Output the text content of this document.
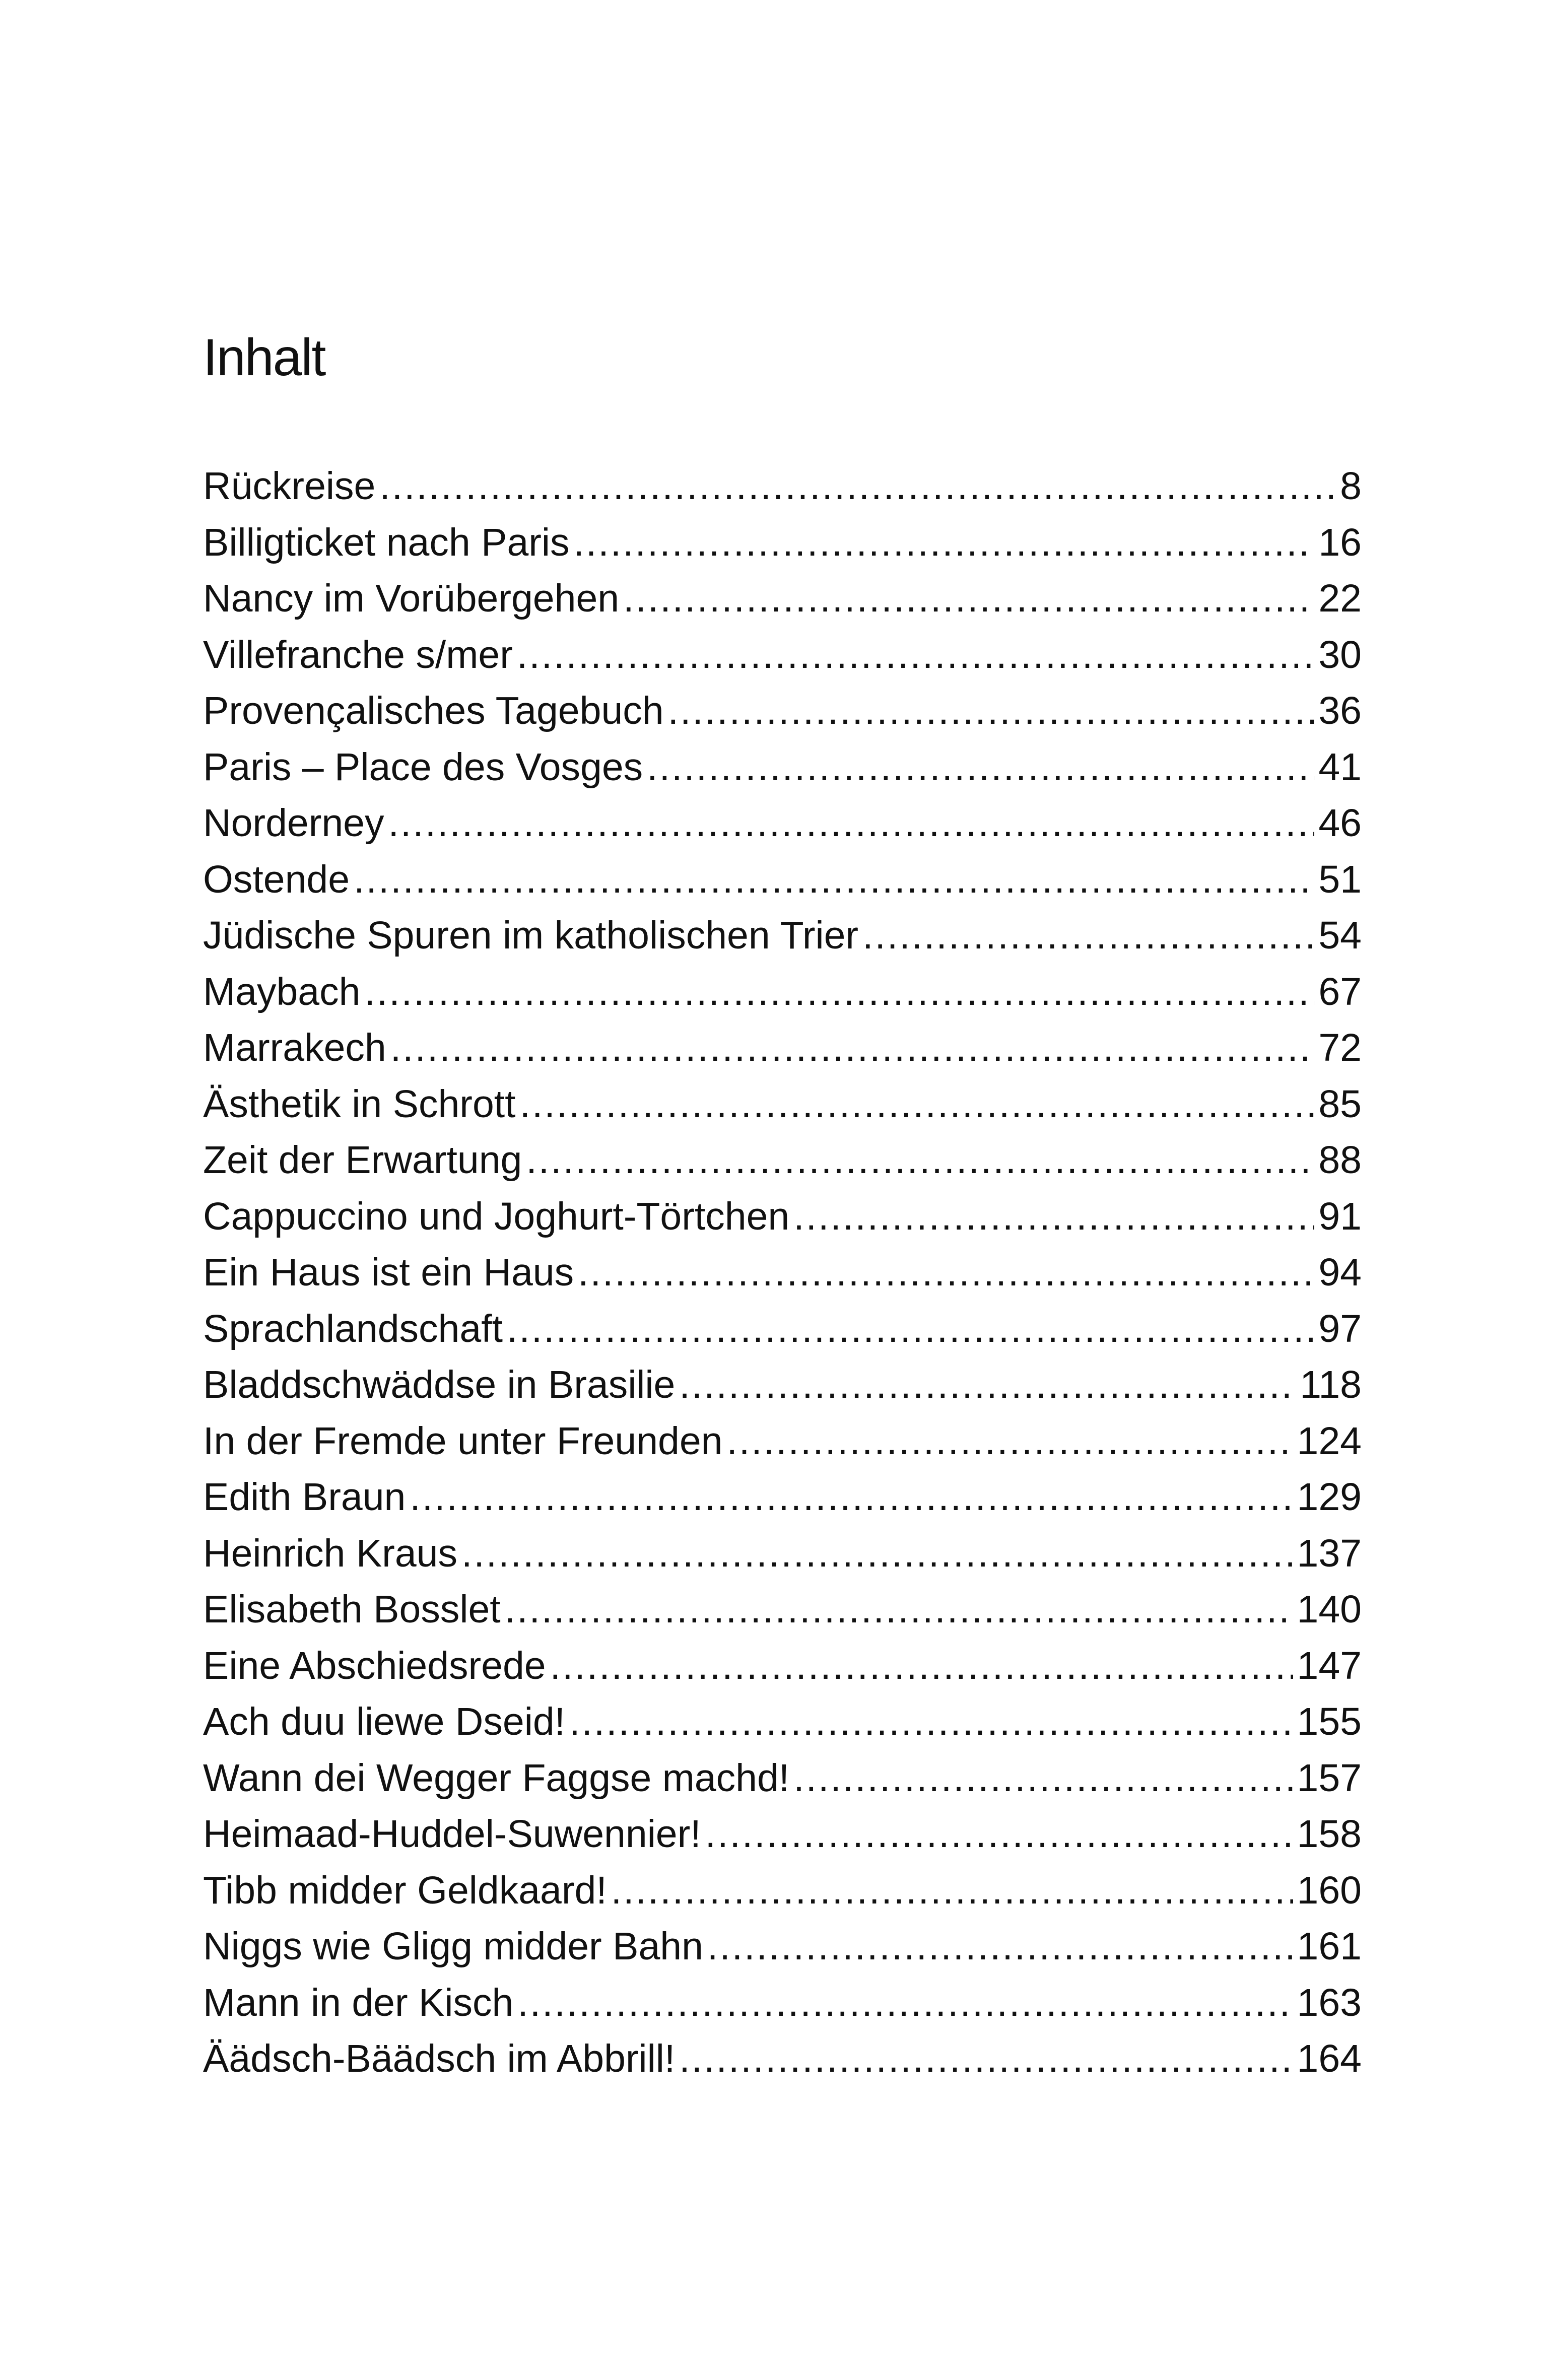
Inhalt
Rückreise .....	8
Billigticket nach Paris .....	16
Nancy im Vorübergehen .....	22
Villefranche s/mer .....	30
Provençalisches Tagebuch .....	36
Paris – Place des Vosges .....	41
Norderney .....	46
Ostende .....	51
Jüdische Spuren im katholischen Trier .....	54
Maybach .....	67
Marrakech .....	72
Ästhetik in Schrott .....	85
Zeit der Erwartung .....	88
Cappuccino und Joghurt-Törtchen .....	91
Ein Haus ist ein Haus .....	94
Sprachlandschaft .....	97
Bladdschwäddse in Brasilie .....	118
In der Fremde unter Freunden .....	124
Edith Braun .....	129
Heinrich Kraus .....	137
Elisabeth Bosslet .....	140
Eine Abschiedsrede .....	147
Ach duu liewe Dseid! .....	155
Wann dei Wegger Faggse machd! .....	157
Heimaad-Huddel-Suwennier! .....	158
Tibb midder Geldkaard! .....	160
Niggs wie Gligg midder Bahn .....	161
Mann in der Kisch .....	163
Äädsch-Bäädsch im Abbrill! .....	164
